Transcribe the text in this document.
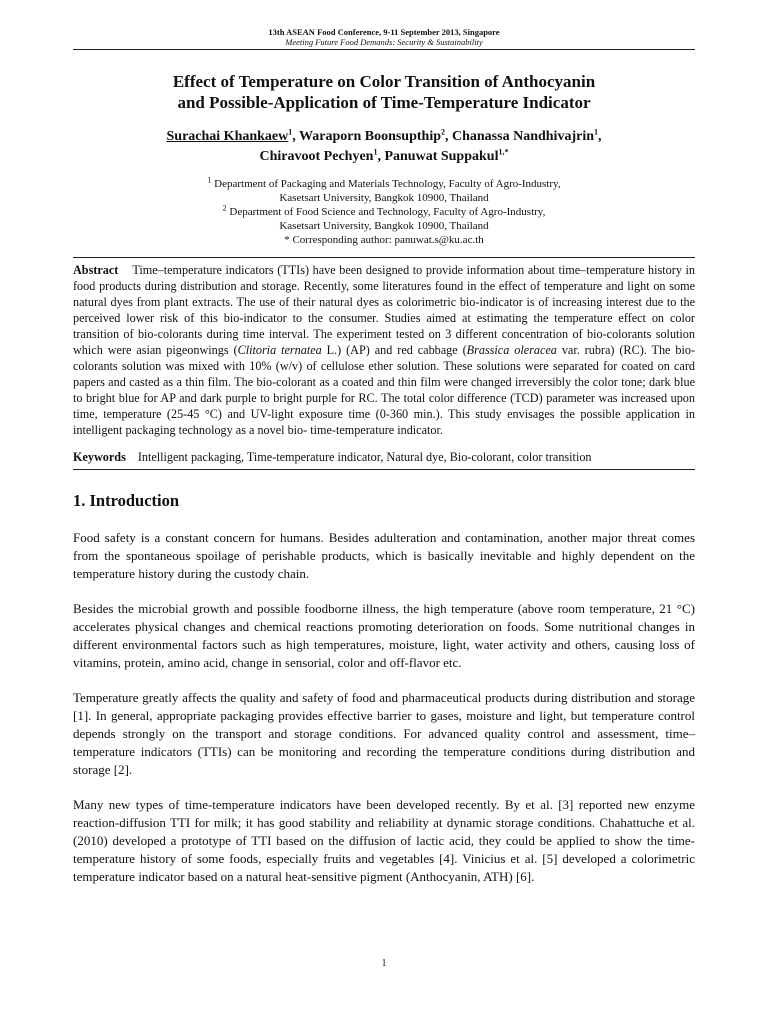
13th ASEAN Food Conference, 9-11 September 2013, Singapore
Meeting Future Food Demands: Security & Sustainability
Effect of Temperature on Color Transition of Anthocyanin
and Possible-Application of Time-Temperature Indicator
Surachai Khankaew$^1$, Waraporn Boonsupthip$^2$, Chanassa Nandhivajrin$^1$,
Chiravoot Pechyen$^1$, Panuwat Suppakul$^{1,*}$
$^1$ Department of Packaging and Materials Technology, Faculty of Agro-Industry,
Kasetsart University, Bangkok 10900, Thailand
$^2$ Department of Food Science and Technology, Faculty of Agro-Industry,
Kasetsart University, Bangkok 10900, Thailand
* Corresponding author: panuwat.s@ku.ac.th
Abstract Time–temperature indicators (TTIs) have been designed to provide information about time–temperature history in food products during distribution and storage. Recently, some literatures found in the effect of temperature and light on some natural dyes from plant extracts. The use of their natural dyes as colorimetric bio-indicator is of increasing interest due to the perceived lower risk of this bio-indicator to the consumer. Studies aimed at estimating the temperature effect on color transition of bio-colorants during time interval. The experiment tested on 3 different concentration of bio-colorants solution which were asian pigeonwings (Clitoria ternatea L.) (AP) and red cabbage (Brassica oleracea var. rubra) (RC). The bio-colorants solution was mixed with 10% (w/v) of cellulose ether solution. These solutions were separated for coated on card papers and casted as a thin film. The bio-colorant as a coated and thin film were changed irreversibly the color tone; dark blue to bright blue for AP and dark purple to bright purple for RC. The total color difference (TCD) parameter was increased upon time, temperature (25-45 °C) and UV-light exposure time (0-360 min.). This study envisages the possible application in intelligent packaging technology as a novel bio- time-temperature indicator.
Keywords Intelligent packaging, Time-temperature indicator, Natural dye, Bio-colorant, color transition
1. Introduction

Food safety is a constant concern for humans. Besides adulteration and contamination, another major threat comes from the spontaneous spoilage of perishable products, which is basically inevitable and highly dependent on the temperature history during the custody chain.

Besides the microbial growth and possible foodborne illness, the high temperature (above room temperature, 21 °C) accelerates physical changes and chemical reactions promoting deterioration on foods. Some nutritional changes in different environmental factors such as high temperatures, moisture, light, water activity and others, causing loss of vitamins, protein, amino acid, change in sensorial, color and off-flavor etc.

Temperature greatly affects the quality and safety of food and pharmaceutical products during distribution and storage [1]. In general, appropriate packaging provides effective barrier to gases, moisture and light, but temperature control depends strongly on the transport and storage conditions. For advanced quality control and assessment, time–temperature indicators (TTIs) can be monitoring and recording the temperature conditions during distribution and storage [2].

Many new types of time-temperature indicators have been developed recently. By et al. [3] reported new enzyme reaction-diffusion TTI for milk; it has good stability and reliability at dynamic storage conditions. Chahattuche et al. (2010) developed a prototype of TTI based on the diffusion of lactic acid, they could be applied to show the time-temperature history of some foods, especially fruits and vegetables [4]. Vinicius et al. [5] developed a colorimetric temperature indicator based on a natural heat-sensitive pigment (Anthocyanin, ATH) [6].

1
